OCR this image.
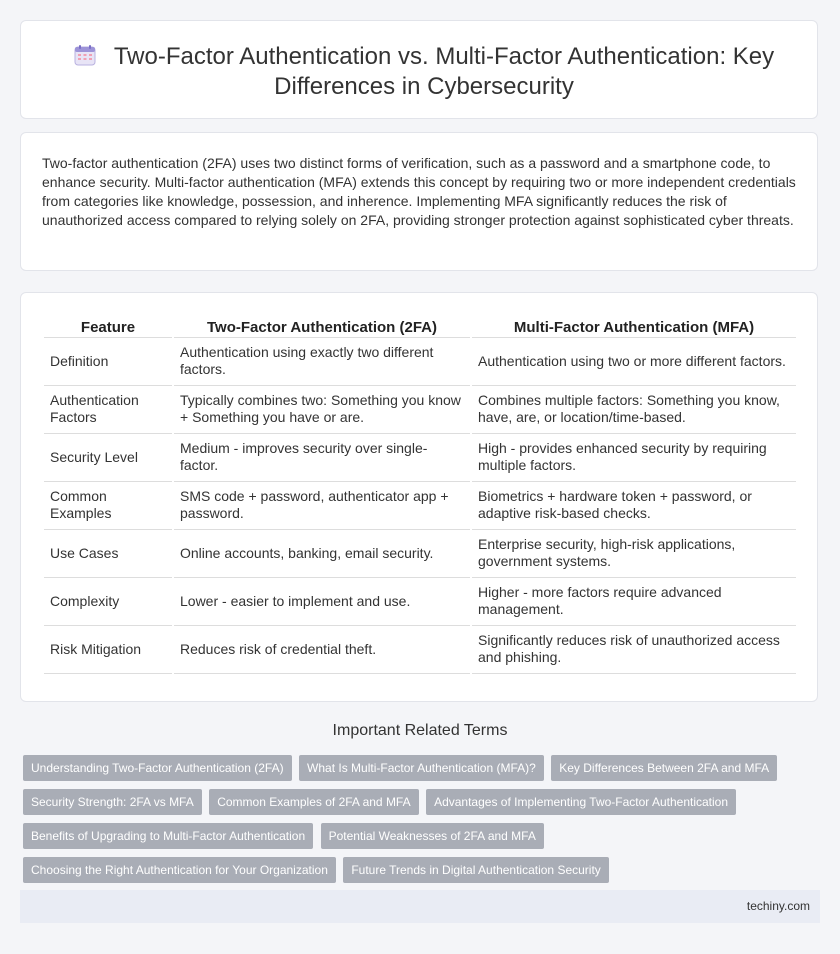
Two-Factor Authentication vs. Multi-Factor Authentication: Key Differences in Cybersecurity

Two-factor authentication (2FA) uses two distinct forms of verification, such as a password and a smartphone code, to enhance security. Multi-factor authentication (MFA) extends this concept by requiring two or more independent credentials from categories like knowledge, possession, and inherence. Implementing MFA significantly reduces the risk of unauthorized access compared to relying solely on 2FA, providing stronger protection against sophisticated cyber threats.

Feature	Two-Factor Authentication (2FA)	Multi-Factor Authentication (MFA)
Definition	Authentication using exactly two different factors.	Authentication using two or more different factors.
Authentication Factors	Typically combines two: Something you know + Something you have or are.	Combines multiple factors: Something you know, have, are, or location/time-based.
Security Level	Medium - improves security over single-factor.	High - provides enhanced security by requiring multiple factors.
Common Examples	SMS code + password, authenticator app + password.	Biometrics + hardware token + password, or adaptive risk-based checks.
Use Cases	Online accounts, banking, email security.	Enterprise security, high-risk applications, government systems.
Complexity	Lower - easier to implement and use.	Higher - more factors require advanced management.
Risk Mitigation	Reduces risk of credential theft.	Significantly reduces risk of unauthorized access and phishing.
Important Related Terms
Understanding Two-Factor Authentication (2FA) What Is Multi-Factor Authentication (MFA)? Key Differences Between 2FA and MFA
Security Strength: 2FA vs MFA Common Examples of 2FA and MFA Advantages of Implementing Two-Factor Authentication
Benefits of Upgrading to Multi-Factor Authentication Potential Weaknesses of 2FA and MFA
Choosing the Right Authentication for Your Organization Future Trends in Digital Authentication Security
techiny.com
